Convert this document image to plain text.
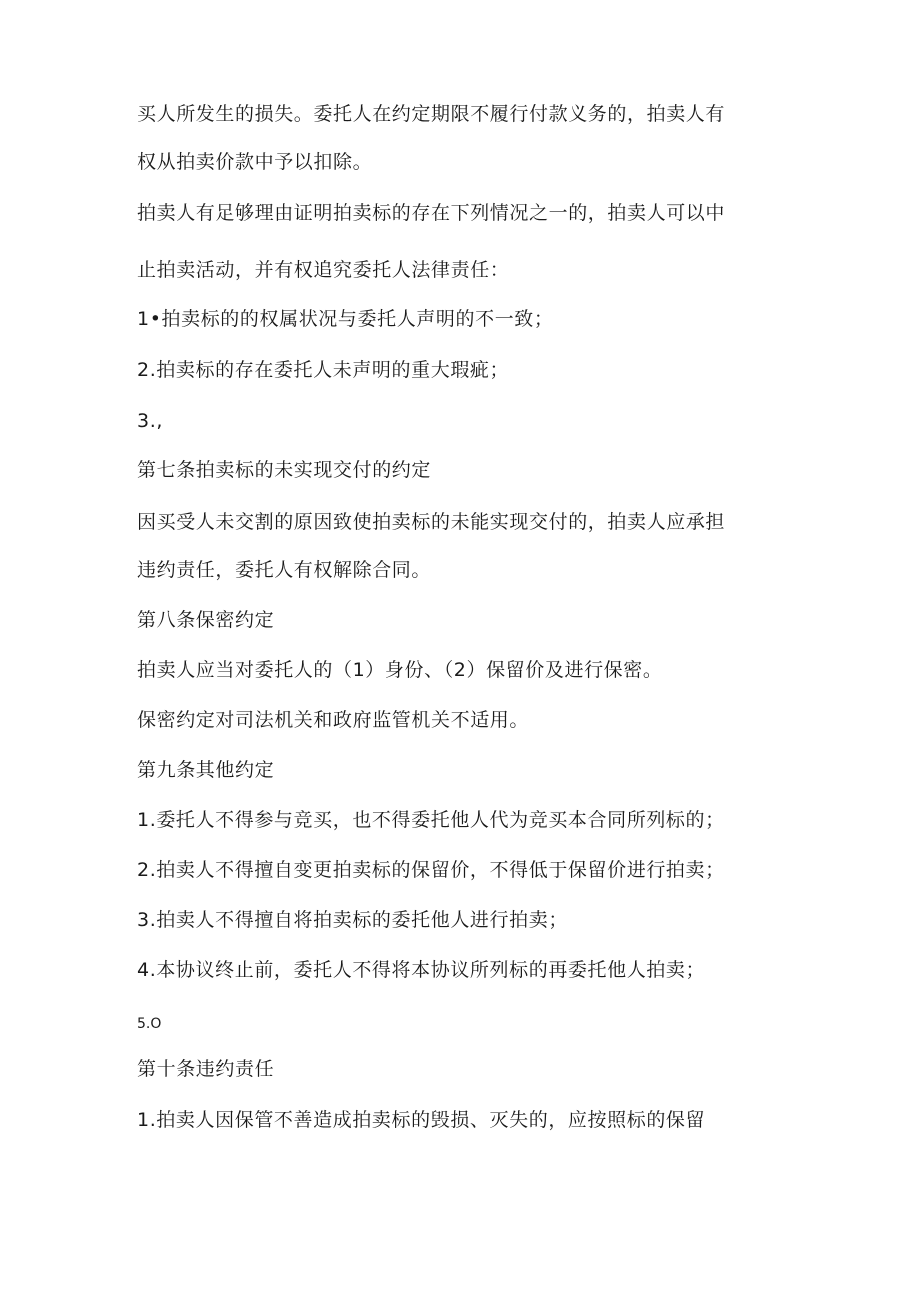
买人所发生的损失。委托人在约定期限不履行付款义务的，拍卖人有
权从拍卖价款中予以扣除。
拍卖人有足够理由证明拍卖标的存在下列情况之一的，拍卖人可以中
止拍卖活动，并有权追究委托人法律责任：
1•拍卖标的的权属状况与委托人声明的不一致；
2.拍卖标的存在委托人未声明的重大瑕疵；
3.,
第七条拍卖标的未实现交付的约定
因买受人未交割的原因致使拍卖标的未能实现交付的，拍卖人应承担
违约责任，委托人有权解除合同。
第八条保密约定
拍卖人应当对委托人的（1）身份、（2）保留价及进行保密。
保密约定对司法机关和政府监管机关不适用。
第九条其他约定
1.委托人不得参与竞买，也不得委托他人代为竞买本合同所列标的；
2.拍卖人不得擅自变更拍卖标的保留价，不得低于保留价进行拍卖；
3.拍卖人不得擅自将拍卖标的委托他人进行拍卖；
4.本协议终止前，委托人不得将本协议所列标的再委托他人拍卖；
5.O
第十条违约责任
1.拍卖人因保管不善造成拍卖标的毁损、灭失的，应按照标的保留
